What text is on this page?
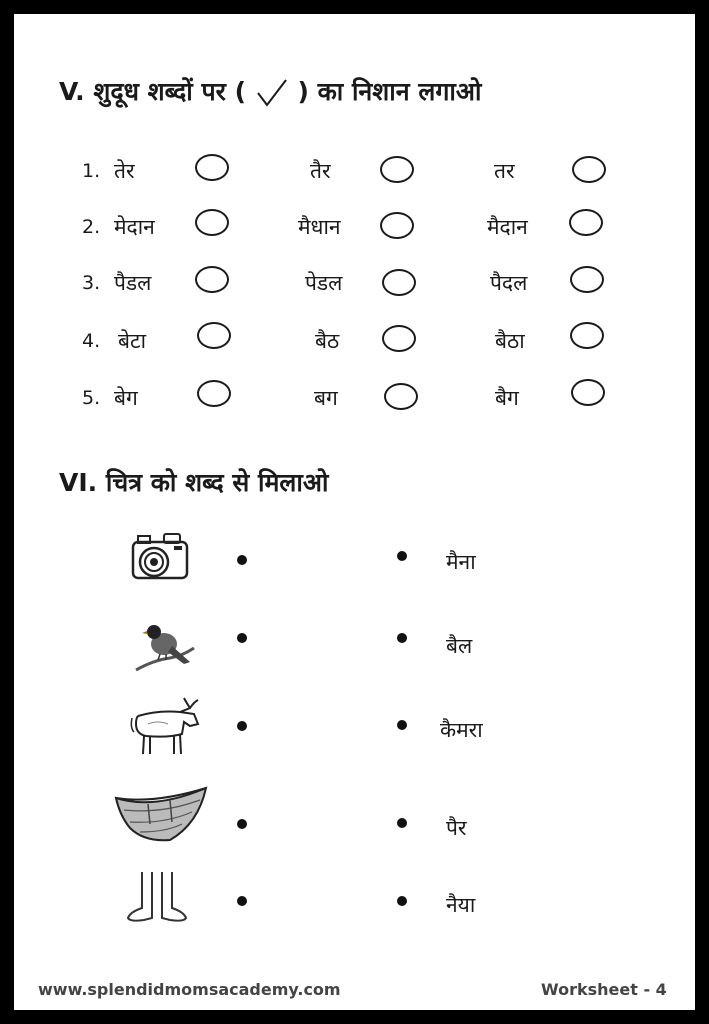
V. शुदूध शब्दों पर ( ) का निशान लगाओ
1. तेर	तैर	तर
2. मेदान	मैधान	मैदान
3. पैडल	पेडल	पैदल
4. बेटा	बैठ	बैठा
5. बेग	बग	बैग
VI. चित्र को शब्द से मिलाओ
मैना
बैल
कैमरा
पैर
नैया
www.splendidmomsacademy.com	Worksheet - 4
